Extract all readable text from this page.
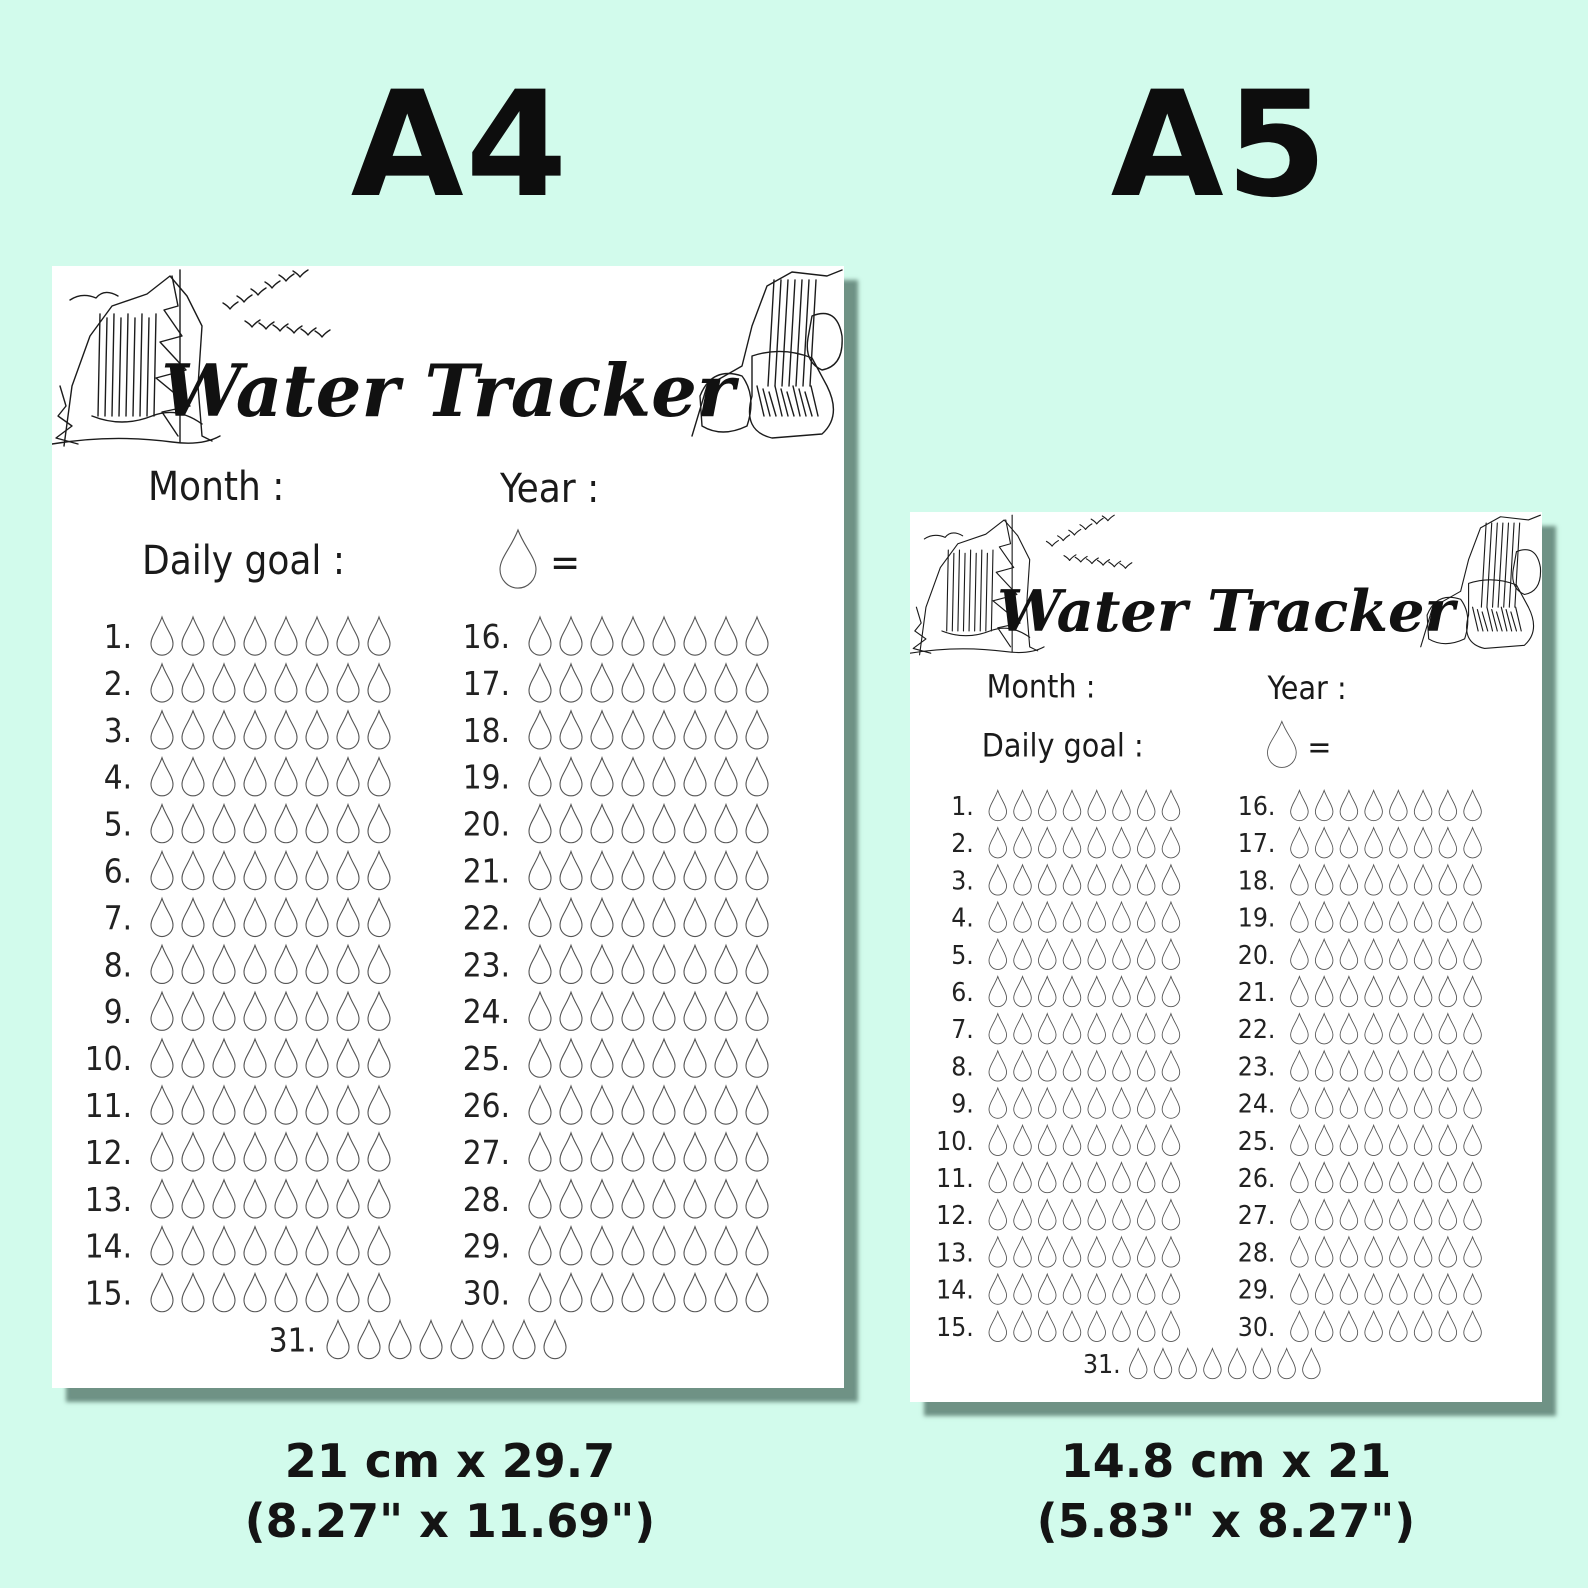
A4
Water Tracker
Month :	Year :
Daily goal :	=
1.
2.
3.
4.
5.
6.
7.
8.
9.
10.
11.
12.
13.
14.
15.
16.
17.
18.
19.
20.
21.
22.
23.
24.
25.
26.
27.
28.
29.
30.
31.
21 cm x 29.7
(8.27" x 11.69")
A5
Water Tracker
Month :	Year :
Daily goal :	=
1.
2.
3.
4.
5.
6.
7.
8.
9.
10.
11.
12.
13.
14.
15.
16.
17.
18.
19.
20.
21.
22.
23.
24.
25.
26.
27.
28.
29.
30.
31.
14.8 cm x 21
(5.83" x 8.27")
